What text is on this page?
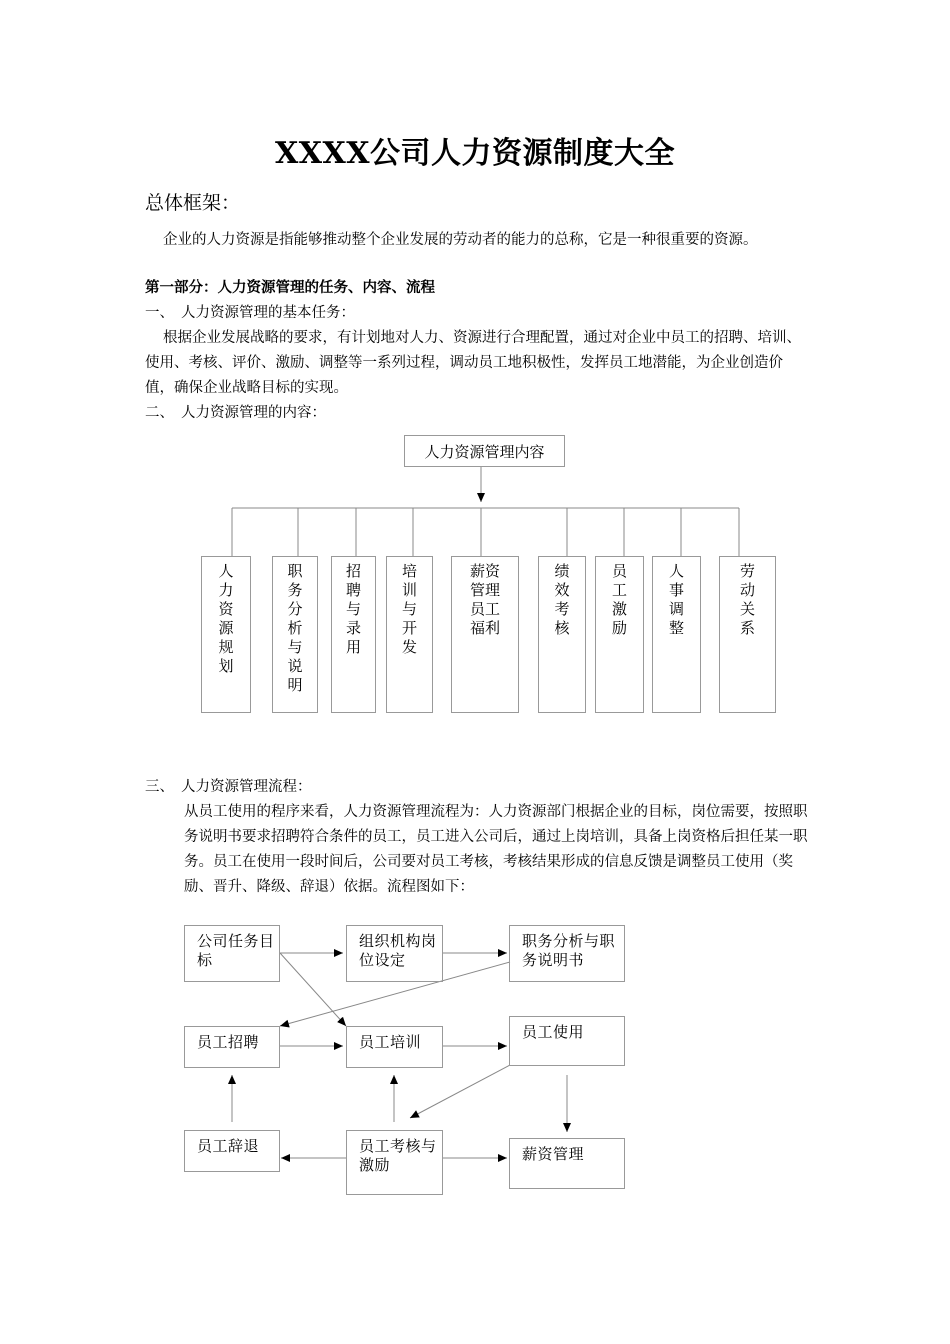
XXXX公司人力资源制度大全
总体框架：
企业的人力资源是指能够推动整个企业发展的劳动者的能力的总称，它是一种很重要的资源。
第一部分：人力资源管理的任务、内容、流程
一、 人力资源管理的基本任务：
根据企业发展战略的要求，有计划地对人力、资源进行合理配置，通过对企业中员工的招聘、培训、使用、考核、评价、激励、调整等一系列过程，调动员工地积极性，发挥员工地潜能，为企业创造价值，确保企业战略目标的实现。
二、 人力资源管理的内容：
人力资源管理内容
人力资源规划
职务分析与说明
招聘与录用
培训与开发
薪资管理员工福利
绩效考核
员工激励
人事调整
劳动关系
三、 人力资源管理流程：
从员工使用的程序来看，人力资源管理流程为：人力资源部门根据企业的目标，岗位需要，按照职务说明书要求招聘符合条件的员工，员工进入公司后，通过上岗培训，具备上岗资格后担任某一职务。员工在使用一段时间后，公司要对员工考核，考核结果形成的信息反馈是调整员工使用（奖励、晋升、降级、辞退）依据。流程图如下：
公司任务目标
组织机构岗位设定
职务分析与职务说明书
员工招聘	员工培训
员工使用
员工辞退	员工考核与激励
薪资管理
